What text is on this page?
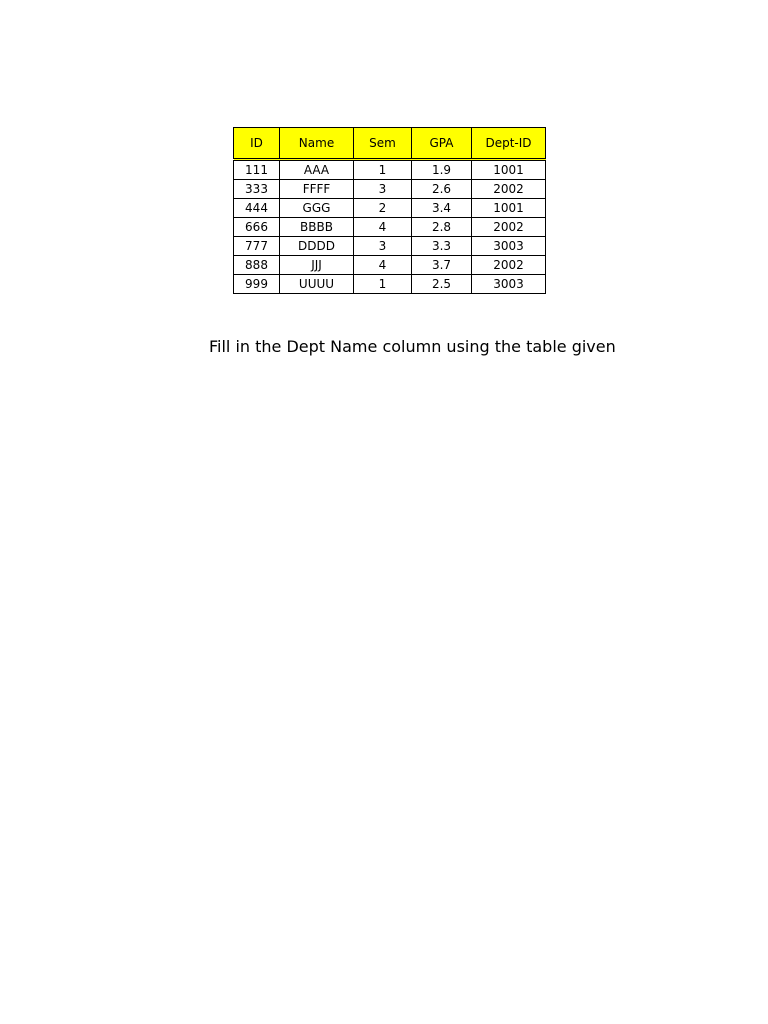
ID	Name	Sem	GPA	Dept-ID
111	AAA	1	1.9	1001
333	FFFF	3	2.6	2002
444	GGG	2	3.4	1001
666	BBBB	4	2.8	2002
777	DDDD	3	3.3	3003
888	JJJ	4	3.7	2002
999	UUUU	1	2.5	3003
Fill in the Dept Name column using the table given
